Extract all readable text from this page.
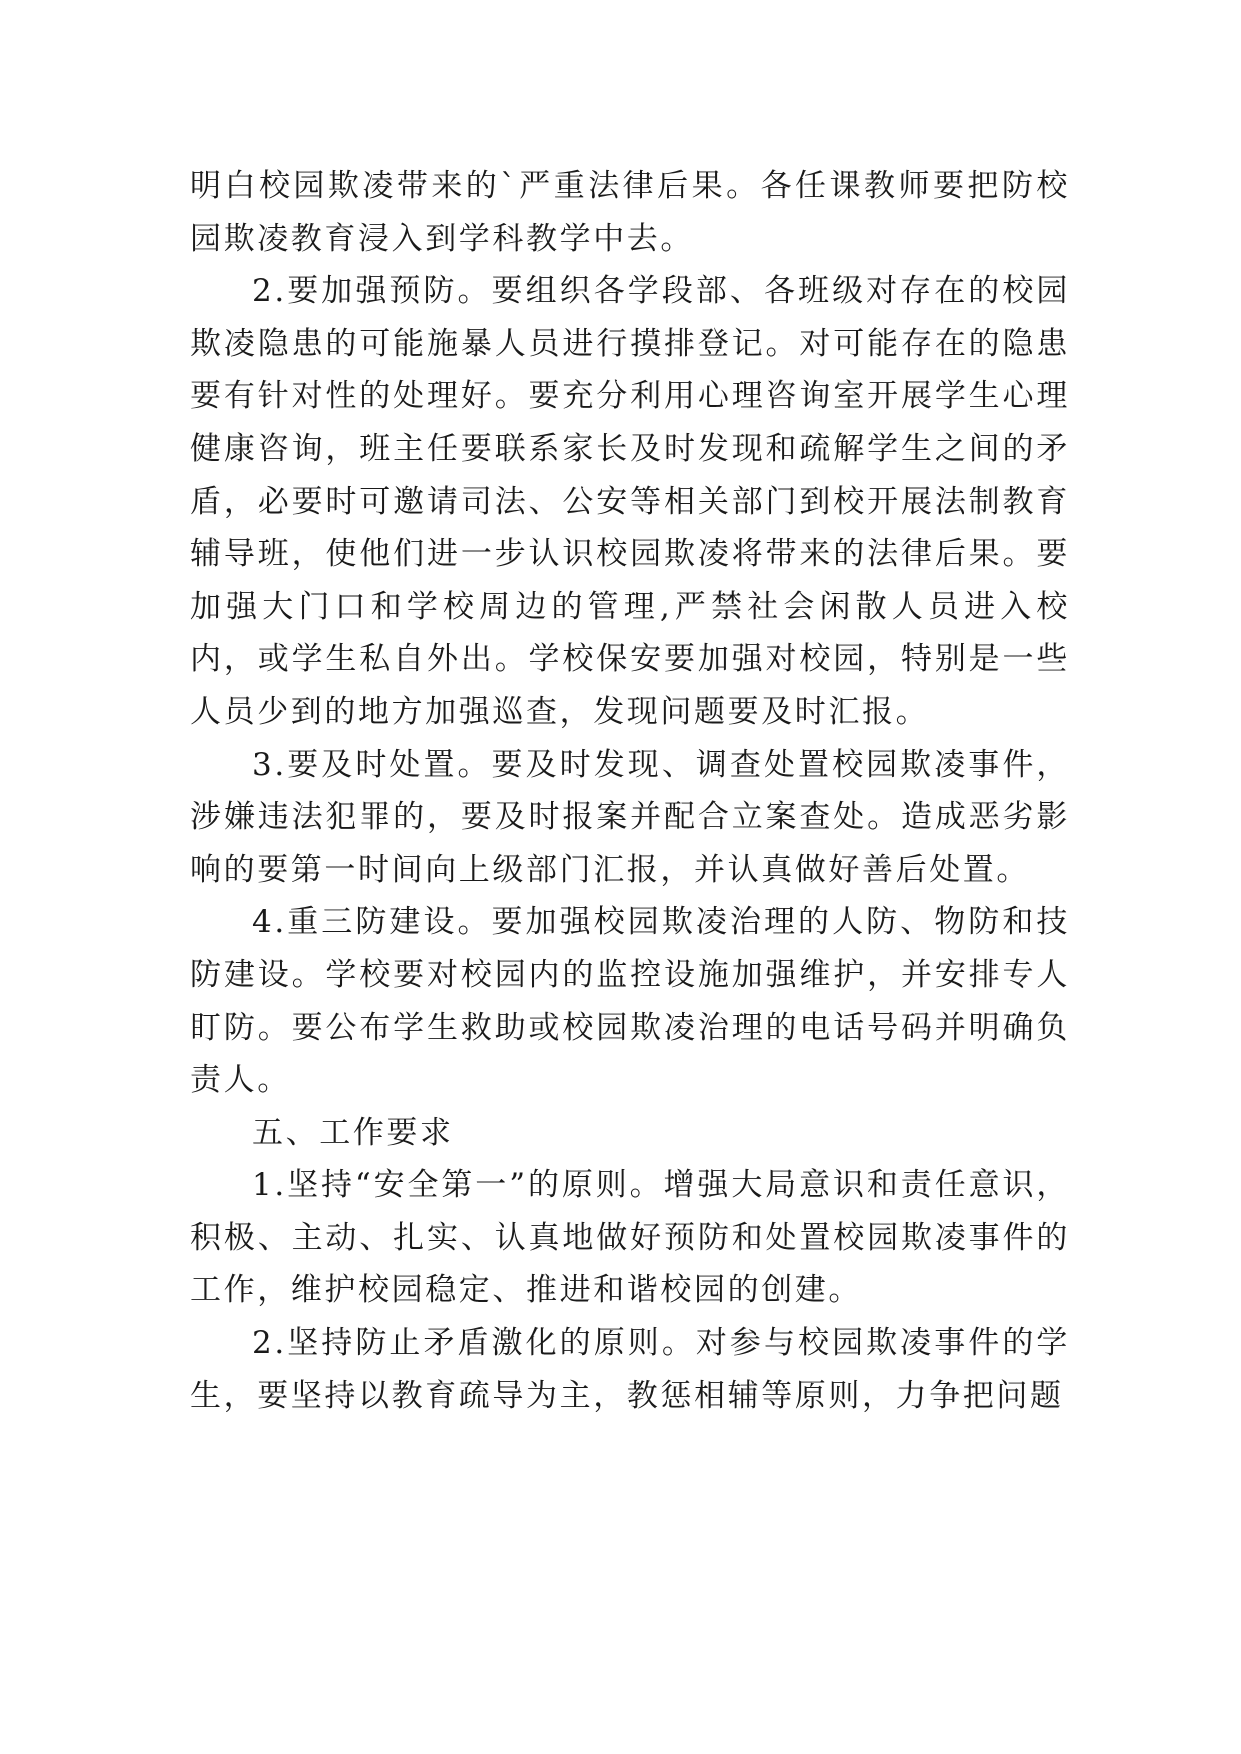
明白校园欺凌带来的`严重法律后果。各任课教师要把防校园欺凌教育浸入到学科教学中去。

2.要加强预防。要组织各学段部、各班级对存在的校园欺凌隐患的可能施暴人员进行摸排登记。对可能存在的隐患要有针对性的处理好。要充分利用心理咨询室开展学生心理健康咨询，班主任要联系家长及时发现和疏解学生之间的矛盾，必要时可邀请司法、公安等相关部门到校开展法制教育辅导班，使他们进一步认识校园欺凌将带来的法律后果。要加强大门口和学校周边的管理,严禁社会闲散人员进入校内，或学生私自外出。学校保安要加强对校园，特别是一些人员少到的地方加强巡查，发现问题要及时汇报。

3.要及时处置。要及时发现、调查处置校园欺凌事件，涉嫌违法犯罪的，要及时报案并配合立案查处。造成恶劣影响的要第一时间向上级部门汇报，并认真做好善后处置。

4.重三防建设。要加强校园欺凌治理的人防、物防和技防建设。学校要对校园内的监控设施加强维护，并安排专人盯防。要公布学生救助或校园欺凌治理的电话号码并明确负责人。

五、工作要求

1.坚持“安全第一”的原则。增强大局意识和责任意识，积极、主动、扎实、认真地做好预防和处置校园欺凌事件的工作，维护校园稳定、推进和谐校园的创建。

2.坚持防止矛盾激化的原则。对参与校园欺凌事件的学生，要坚持以教育疏导为主，教惩相辅等原则，力争把问题
